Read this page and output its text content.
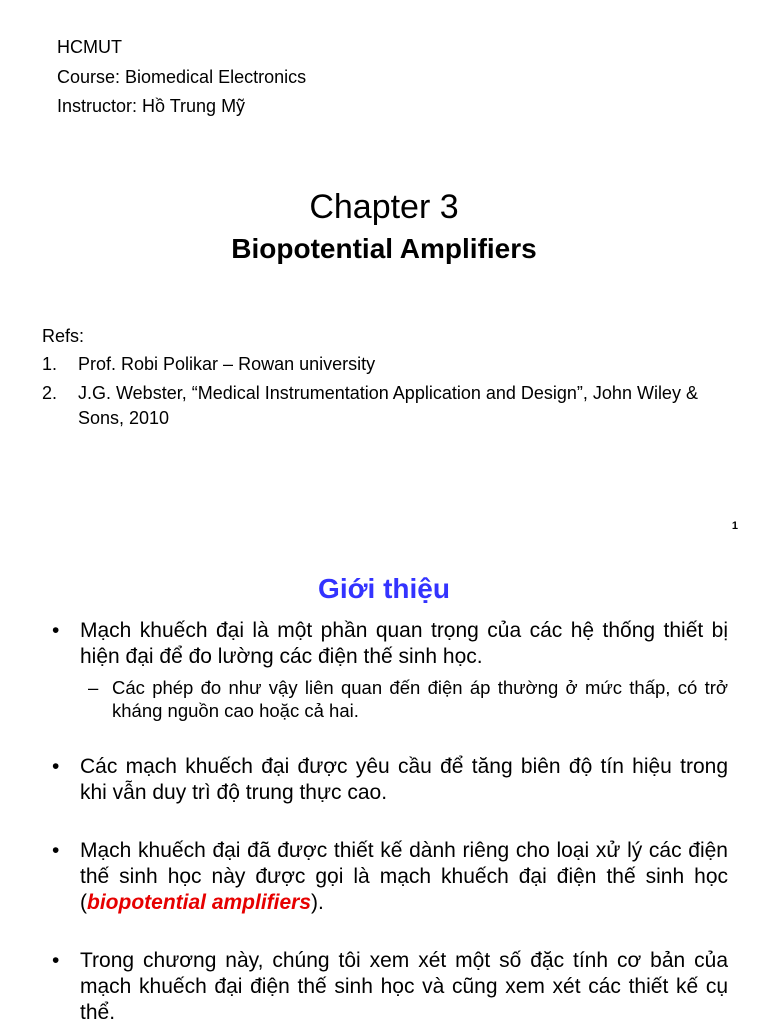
HCMUT
Course: Biomedical Electronics
Instructor: Hồ Trung Mỹ
Chapter 3
Biopotential Amplifiers
Refs:
1.	Prof. Robi Polikar – Rowan university
2.	J.G. Webster, “Medical Instrumentation Application and Design”, John Wiley & Sons, 2010
1
Giới thiệu
• Mạch khuếch đại là một phần quan trọng của các hệ thống thiết bị hiện đại để đo lường các điện thế sinh học.
– Các phép đo như vậy liên quan đến điện áp thường ở mức thấp, có trở kháng nguồn cao hoặc cả hai.
• Các mạch khuếch đại được yêu cầu để tăng biên độ tín hiệu trong khi vẫn duy trì độ trung thực cao.
• Mạch khuếch đại đã được thiết kế dành riêng cho loại xử lý các điện thế sinh học này được gọi là mạch khuếch đại điện thế sinh học (biopotential amplifiers).
• Trong chương này, chúng tôi xem xét một số đặc tính cơ bản của mạch khuếch đại điện thế sinh học và cũng xem xét các thiết kế cụ thể.
